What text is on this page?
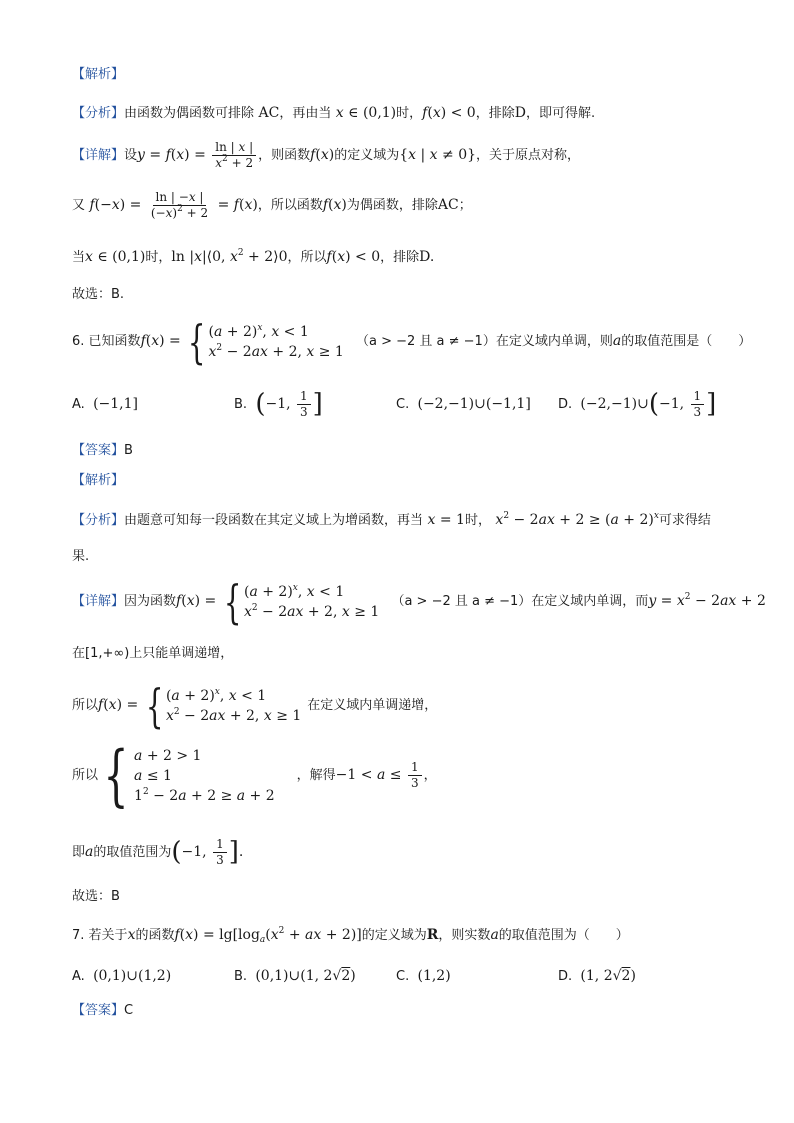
【解析】
【分析】由函数为偶函数可排除 AC，再由当 x ∈ (0,1)时，f(x) < 0，排除D，即可得解.
【详解】设$y = f(x) = \frac{\ln | x |}{x^2 + 2}$ ，则函数f(x)的定义域为{x | x ≠ 0}，关于原点对称，
又 $f(-x) = \frac{\ln | -x |}{(-x)^2 + 2} = f(x)$，所以函数f(x)为偶函数，排除AC；
当x ∈ (0,1)时，ln |x|⟨0, $x^2$ + 2⟩0，所以f(x) < 0，排除D.
故选：B.
6. 已知函数f(x) = { $(a + 2)^x$, x < 1
$x^2 - 2ax + 2$, x ≥ 1
（a > −2 且 a ≠ −1）在定义域内单调，则a的取值范围是（　　）
A. (−1,1]	B. (−1, $\frac{1}{3}$ ]	C. (−2,−1)∪(−1,1] D. (−2,−1)∪(−1, $\frac{1}{3}$ ]
【答案】B
【解析】
【分析】由题意可知每一段函数在其定义域上为增函数，再当 x = 1时， $x^2 - 2ax + 2 \ge (a + 2)^x$可求得结
果.
【详解】因为函数f(x) = { $(a + 2)^x$, x < 1
$x^2 - 2ax + 2$, x ≥ 1
（a > −2 且 a ≠ −1）在定义域内单调，而$y = x^2 - 2ax + 2$
在[1,+∞)上只能单调递增，
所以f(x) = { $(a + 2)^x$, x < 1
$x^2 - 2ax + 2$, x ≥ 1
在定义域内单调递增，
所以{ a + 2 > 1
a ≤ 1
$1^2 - 2a + 2 \ge a + 2$
，解得$-1 < a \le \frac{1}{3}$ ，
即a的取值范围为(−1, $\frac{1}{3}$ ].
故选：B
7. 若关于x的函数$f(x) = \lg[\log_a(x^2$ + ax + 2)]的定义域为R，则实数a的取值范围为（　　）
A. (0,1)∪(1,2)	B. (0,1)∪(1, 2√2)	C. (1,2)	D. (1, 2√2)
【答案】C
